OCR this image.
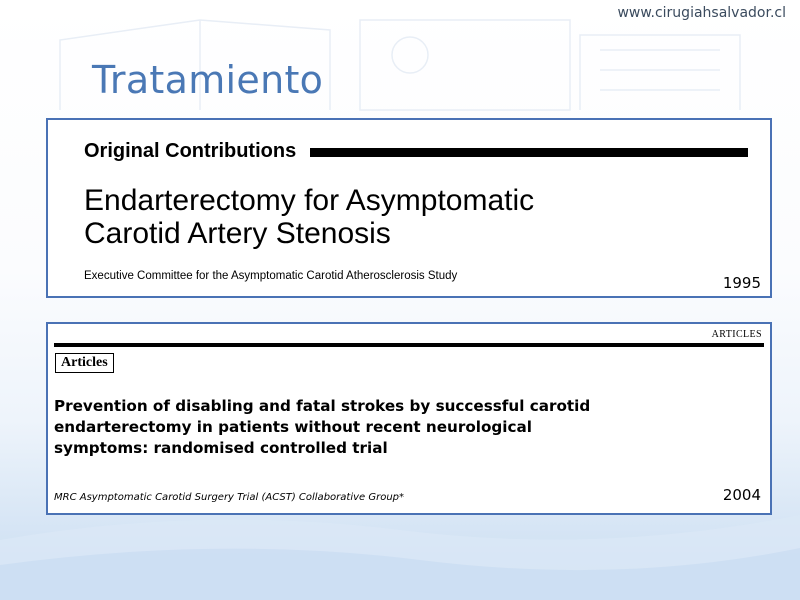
www.cirugiahsalvador.cl
Tratamiento
Original Contributions
Endarterectomy for Asymptomatic
Carotid Artery Stenosis
Executive Committee for the Asymptomatic Carotid Atherosclerosis Study	1995
ARTICLES
Articles
Prevention of disabling and fatal strokes by successful carotid
endarterectomy in patients without recent neurological
symptoms: randomised controlled trial
MRC Asymptomatic Carotid Surgery Trial (ACST) Collaborative Group*	2004
